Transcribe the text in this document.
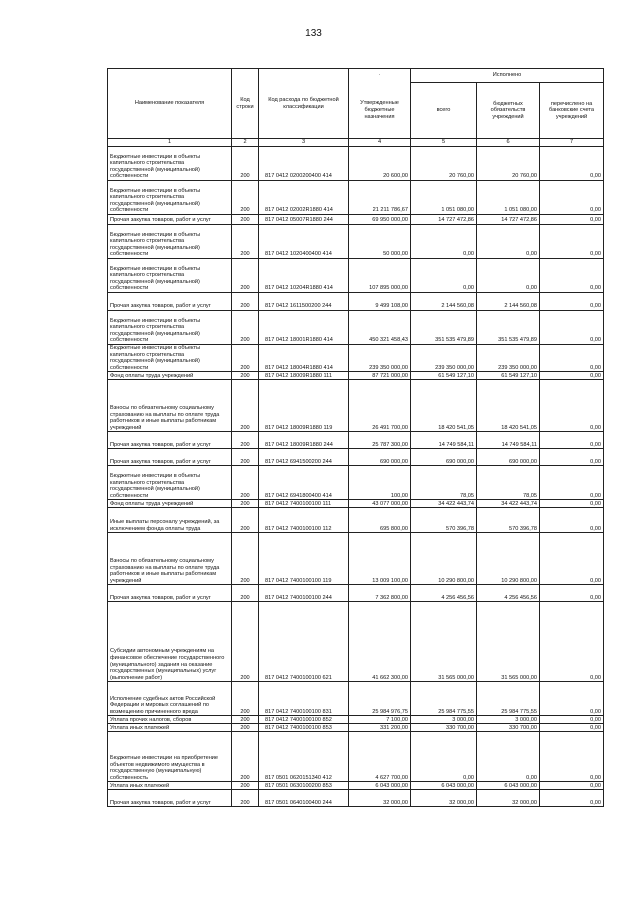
133
Наименование показателя	Код строки	Код расхода по бюджетной классификации	·	Исполнено		
			Утвержденные бюджетные назначения	всего	бюджетных обязательств учреждений	перечислено на банковские счета учреждений
1	2	3	4	5	6	7
Бюджетные инвестиции в объекты капитального строительства государственной (муниципальной) собственности	200	817 0412 0200200400 414	20 600,00	20 760,00	20 760,00	0,00
Бюджетные инвестиции в объекты капитального строительства государственной (муниципальной) собственности	200	817 0412 02002R1880 414	21 211 786,67	1 051 080,00	1 051 080,00	0,00
Прочая закупка товаров, работ и услуг	200	817 0412 05007R1880 244	69 950 000,00	14 727 472,86	14 727 472,86	0,00
Бюджетные инвестиции в объекты капитального строительства государственной (муниципальной) собственности	200	817 0412 1020400400 414	50 000,00	0,00	0,00	0,00
Бюджетные инвестиции в объекты капитального строительства государственной (муниципальной) собственности	200	817 0412 10204R1880 414	107 895 000,00	0,00	0,00	0,00
Прочая закупка товаров, работ и услуг	200	817 0412 1611500200 244	9 499 108,00	2 144 560,08	2 144 560,08	0,00
Бюджетные инвестиции в объекты капитального строительства государственной (муниципальной) собственности	200	817 0412 18001R1880 414	450 321 458,43	351 535 479,89	351 535 479,89	0,00
Бюджетные инвестиции в объекты капитального строительства государственной (муниципальной) собственности	200	817 0412 18004R1880 414	239 350 000,00	239 350 000,00	239 350 000,00	0,00
Фонд оплаты труда учреждений	200	817 0412 18009R1880 111	87 721 000,00	61 549 127,10	61 549 127,10	0,00
Взносы по обязательному социальному страхованию на выплаты по оплате труда работников и иные выплаты работникам учреждений	200	817 0412 18009R1880 119	26 491 700,00	18 420 541,05	18 420 541,05	0,00
Прочая закупка товаров, работ и услуг	200	817 0412 18009R1880 244	25 787 300,00	14 749 584,11	14 749 584,11	0,00
Прочая закупка товаров, работ и услуг	200	817 0412 6941500200 244	690 000,00	690 000,00	690 000,00	0,00
Бюджетные инвестиции в объекты капитального строительства государственной (муниципальной) собственности	200	817 0412 6941800400 414	100,00	78,05	78,05	0,00
Фонд оплаты труда учреждений	200	817 0412 7400100100 111	43 077 000,00	34 422 443,74	34 422 443,74	0,00
Иные выплаты персоналу учреждений, за исключением фонда оплаты труда	200	817 0412 7400100100 112	695 800,00	570 396,78	570 396,78	0,00
Взносы по обязательному социальному страхованию на выплаты по оплате труда работников и иные выплаты работникам учреждений	200	817 0412 7400100100 119	13 009 100,00	10 290 800,00	10 290 800,00	0,00
Прочая закупка товаров, работ и услуг	200	817 0412 7400100100 244	7 362 800,00	4 256 456,56	4 256 456,56	0,00
Субсидии автономным учреждениям на финансовое обеспечение государственного (муниципального) задания на оказание государственных (муниципальных) услуг (выполнение работ)	200	817 0412 7400100100 621	41 662 300,00	31 565 000,00	31 565 000,00	0,00
Исполнение судебных актов Российской Федерации и мировых соглашений по возмещению причиненного вреда	200	817 0412 7400100100 831	25 984 976,75	25 984 775,55	25 984 775,55	0,00
Уплата прочих налогов, сборов	200	817 0412 7400100100 852	7 100,00	3 000,00	3 000,00	0,00
Уплата иных платежей	200	817 0412 7400100100 853	331 200,00	330 700,00	330 700,00	0,00
Бюджетные инвестиции на приобретение объектов недвижимого имущества в государственную (муниципальную) собственность	200	817 0501 0620151340 412	4 627 700,00	0,00	0,00	0,00
Уплата иных платежей	200	817 0501 0630100200 853	6 043 000,00	6 043 000,00	6 043 000,00	0,00
Прочая закупка товаров, работ и услуг	200	817 0501 0640100400 244	32 000,00	32 000,00	32 000,00	0,00
